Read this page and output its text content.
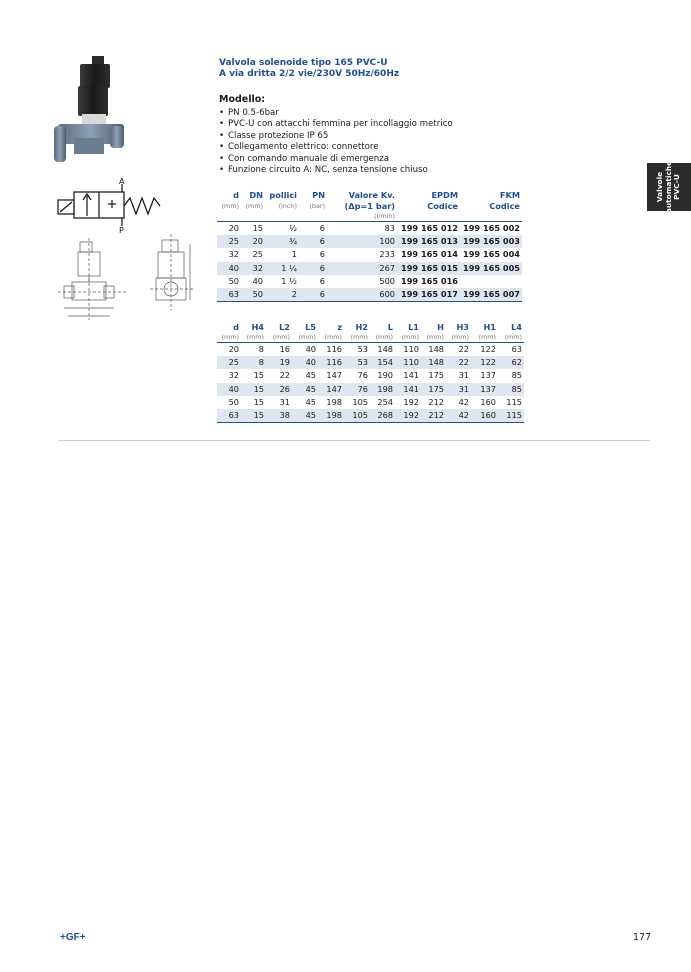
A
P
Valvola solenoide tipo 165 PVC-U
A via dritta 2/2 vie/230V 50Hz/60Hz
Modello:
• PN 0.5-6bar
• PVC-U con attacchi femmina per incollaggio metrico
• Classe protezione IP 65
• Collegamento elettrico: connettore
• Con comando manuale di emergenza
• Funzione circuito A: NC, senza tensione chiuso
Valvole automatiche PVC-U
d	DN	pollici	PN	Valore Kv.	EPDM	FKM
(mm)	(mm)	(inch)	(bar)	(Δp=1 bar)	Codice	Codice
				(l/min)		
20	15	½	6	83	199 165 012	199 165 002
25	20	¾	6	100	199 165 013	199 165 003
32	25	1	6	233	199 165 014	199 165 004
40	32	1 ¼	6	267	199 165 015	199 165 005
50	40	1 ½	6	500	199 165 016	
63	50	2	6	600	199 165 017	199 165 007
d	H4	L2	L5	z	H2	L	L1	H	H3	H1	L4
(mm)	(mm)	(mm)	(mm)	(mm)	(mm)	(mm)	(mm)	(mm)	(mm)	(mm)	(mm)
20	8	16	40	116	53	148	110	148	22	122	63
25	8	19	40	116	53	154	110	148	22	122	62
32	15	22	45	147	76	190	141	175	31	137	85
40	15	26	45	147	76	198	141	175	31	137	85
50	15	31	45	198	105	254	192	212	42	160	115
63	15	38	45	198	105	268	192	212	42	160	115
+GF+	177
